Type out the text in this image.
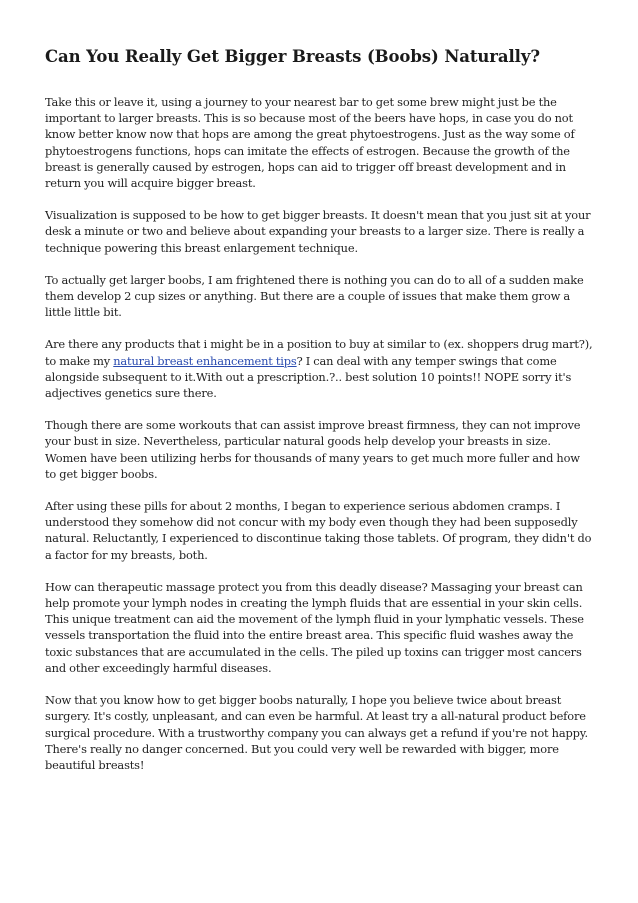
Can You Really Get Bigger Breasts (Boobs) Naturally?

Take this or leave it, using a journey to your nearest bar to get some brew might just be the important to larger breasts. This is so because most of the beers have hops, in case you do not know better know now that hops are among the great phytoestrogens. Just as the way some of phytoestrogens functions, hops can imitate the effects of estrogen. Because the growth of the breast is generally caused by estrogen, hops can aid to trigger off breast development and in return you will acquire bigger breast.

Visualization is supposed to be how to get bigger breasts. It doesn't mean that you just sit at your desk a minute or two and believe about expanding your breasts to a larger size. There is really a technique powering this breast enlargement technique.

To actually get larger boobs, I am frightened there is nothing you can do to all of a sudden make them develop 2 cup sizes or anything. But there are a couple of issues that make them grow a little little bit.

Are there any products that i might be in a position to buy at similar to (ex. shoppers drug mart?), to make my natural breast enhancement tips? I can deal with any temper swings that come alongside subsequent to it.With out a prescription.?.. best solution 10 points!! NOPE sorry it's adjectives genetics sure there.

Though there are some workouts that can assist improve breast firmness, they can not improve your bust in size. Nevertheless, particular natural goods help develop your breasts in size. Women have been utilizing herbs for thousands of many years to get much more fuller and how to get bigger boobs.

After using these pills for about 2 months, I began to experience serious abdomen cramps. I understood they somehow did not concur with my body even though they had been supposedly natural. Reluctantly, I experienced to discontinue taking those tablets. Of program, they didn't do a factor for my breasts, both.

How can therapeutic massage protect you from this deadly disease? Massaging your breast can help promote your lymph nodes in creating the lymph fluids that are essential in your skin cells. This unique treatment can aid the movement of the lymph fluid in your lymphatic vessels. These vessels transportation the fluid into the entire breast area. This specific fluid washes away the toxic substances that are accumulated in the cells. The piled up toxins can trigger most cancers and other exceedingly harmful diseases.

Now that you know how to get bigger boobs naturally, I hope you believe twice about breast surgery. It's costly, unpleasant, and can even be harmful. At least try a all-natural product before surgical procedure. With a trustworthy company you can always get a refund if you're not happy. There's really no danger concerned. But you could very well be rewarded with bigger, more beautiful breasts!
